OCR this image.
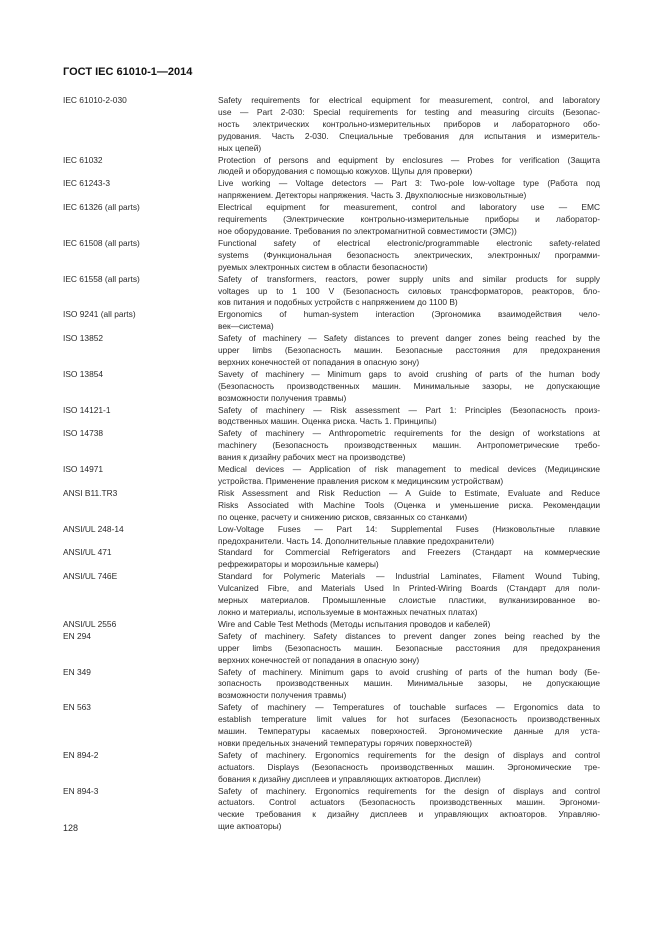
ГОСТ IEC 61010-1—2014
IEC 61010-2-030	Safety requirements for electrical equipment for measurement, control, and laboratory
use — Part 2-030: Special requirements for testing and measuring circuits (Безопас-
ность электрических контрольно-измерительных приборов и лабораторного обо-
рудования. Часть 2-030. Специальные требования для испытания и измеритель-
ных цепей)
IEC 61032	Protection of persons and equipment by enclosures — Probes for verification (Защита
людей и оборудования с помощью кожухов. Щупы для проверки)
IEC 61243-3	Live working — Voltage detectors — Part 3: Two-pole low-voltage type (Работа под
напряжением. Детекторы напряжения. Часть 3. Двухполюсные низковольтные)
IEC 61326 (all parts)	Electrical equipment for measurement, control and laboratory use — EMC
requirements (Электрические контрольно-измерительные приборы и лаборатор-
ное оборудование. Требования по электромагнитной совместимости (ЭМС))
IEC 61508 (all parts)	Functional safety of electrical electronic/programmable electronic safety-related
systems (Функциональная безопасность электрических, электронных/ программи-
руемых электронных систем в области безопасности)
IEC 61558 (all parts)	Safety of transformers, reactors, power supply units and similar products for supply
voltages up to 1 100 V (Безопасность силовых трансформаторов, реакторов, бло-
ков питания и подобных устройств с напряжением до 1100 В)
ISO 9241 (all parts)	Ergonomics of human-system interaction (Эргономика взаимодействия чело-
век—система)
ISO 13852	Safety of machinery — Safety distances to prevent danger zones being reached by the
upper limbs (Безопасность машин. Безопасные расстояния для предохранения
верхних конечностей от попадания в опасную зону)
ISO 13854	Savety of machinery — Minimum gaps to avoid crushing of parts of the human body
(Безопасность производственных машин. Минимальные зазоры, не допускающие
возможности получения травмы)
ISO 14121-1	Safety of machinery — Risk assessment — Part 1: Principles (Безопасность произ-
водственных машин. Оценка риска. Часть 1. Принципы)
ISO 14738	Safety of machinery — Anthropometric requirements for the design of workstations at
machinery (Безопасность производственных машин. Антропометрические требо-
вания к дизайну рабочих мест на производстве)
ISO 14971	Medical devices — Application of risk management to medical devices (Медицинские
устройства. Применение правления риском к медицинским устройствам)
ANSI B11.TR3	Risk Assessment and Risk Reduction — A Guide to Estimate, Evaluate and Reduce
Risks Associated with Machine Tools (Оценка и уменьшение риска. Рекомендации
по оценке, расчету и снижению рисков, связанных со станками)
ANSI/UL 248-14	Low-Voltage Fuses — Part 14: Supplemental Fuses (Низковольтные плавкие
предохранители. Часть 14. Дополнительные плавкие предохранители)
ANSI/UL 471	Standard for Commercial Refrigerators and Freezers (Стандарт на коммерческие
рефрежираторы и морозильные камеры)
ANSI/UL 746E	Standard for Polymeric Materials — Industrial Laminates, Filament Wound Tubing,
Vulcanized Fibre, and Materials Used In Printed-Wiring Boards (Стандарт для поли-
мерных материалов. Промышленные слоистые пластики, вулканизированное во-
локно и материалы, используемые в монтажных печатных платах)
ANSI/UL 2556	Wire and Cable Test Methods (Методы испытания проводов и кабелей)
EN 294	Safety of machinery. Safety distances to prevent danger zones being reached by the
upper limbs (Безопасность машин. Безопасные расстояния для предохранения
верхних конечностей от попадания в опасную зону)
EN 349	Safety of machinery. Minimum gaps to avoid crushing of parts of the human body (Бе-
зопасность производственных машин. Минимальные зазоры, не допускающие
возможности получения травмы)
EN 563	Safety of machinery — Temperatures of touchable surfaces — Ergonomics data to
establish temperature limit values for hot surfaces (Безопасность производственных
машин. Температуры касаемых поверхностей. Эргономические данные для уста-
новки предельных значений температуры горячих поверхностей)
EN 894-2	Safety of machinery. Ergonomics requirements for the design of displays and control
actuators. Displays (Безопасность производственных машин. Эргономические тре-
бования к дизайну дисплеев и управляющих актюаторов. Дисплеи)
EN 894-3	Safety of machinery. Ergonomics requirements for the design of displays and control
actuators. Control actuators (Безопасность производственных машин. Эргономи-
ческие требования к дизайну дисплеев и управляющих актюаторов. Управляю-
щие актюаторы)
128
